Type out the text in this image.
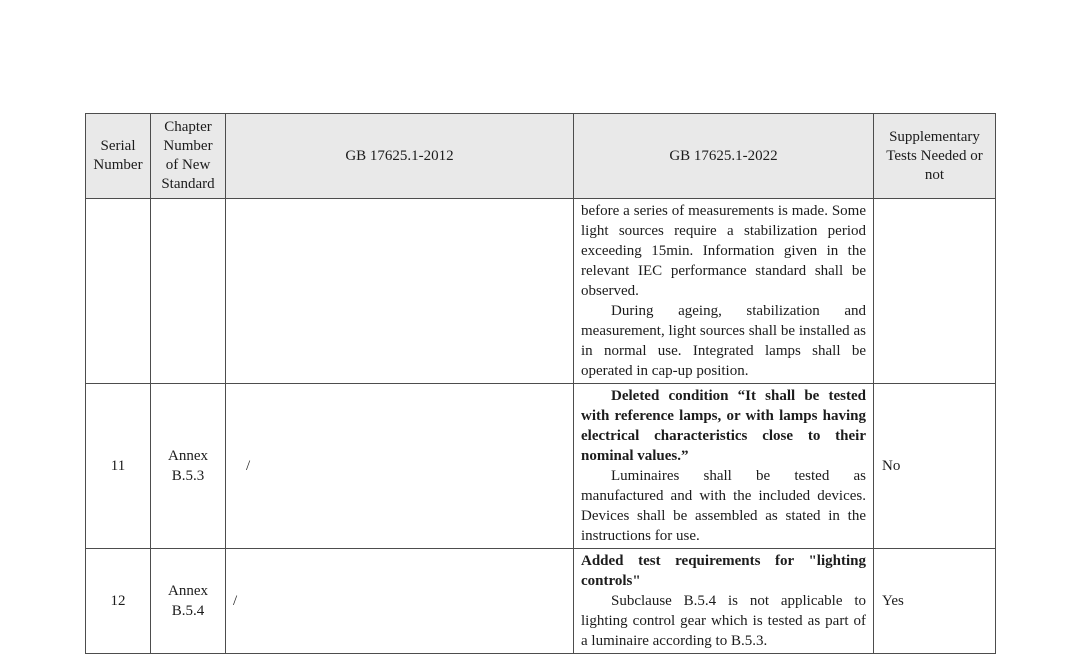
Serial Number	Chapter Number of New Standard	GB 17625.1-2012	GB 17625.1-2022	Supplementary Tests Needed or not

			before a series of measurements is made. Some light sources require a stabilization period exceeding 15min. Information given in the relevant IEC performance standard shall be observed.

During ageing, stabilization and measurement, light sources shall be installed as in normal use. Integrated lamps shall be operated in cap-up position.	

11	Annex B.5.3	/	Deleted condition “It shall be tested with reference lamps, or with lamps having electrical characteristics close to their nominal values.”

Luminaires shall be tested as manufactured and with the included devices. Devices shall be assembled as stated in the instructions for use.	No
12	Annex B.5.4	/	Added test requirements for "lighting controls"

Subclause B.5.4 is not applicable to lighting control gear which is tested as part of a luminaire according to B.5.3.	Yes
